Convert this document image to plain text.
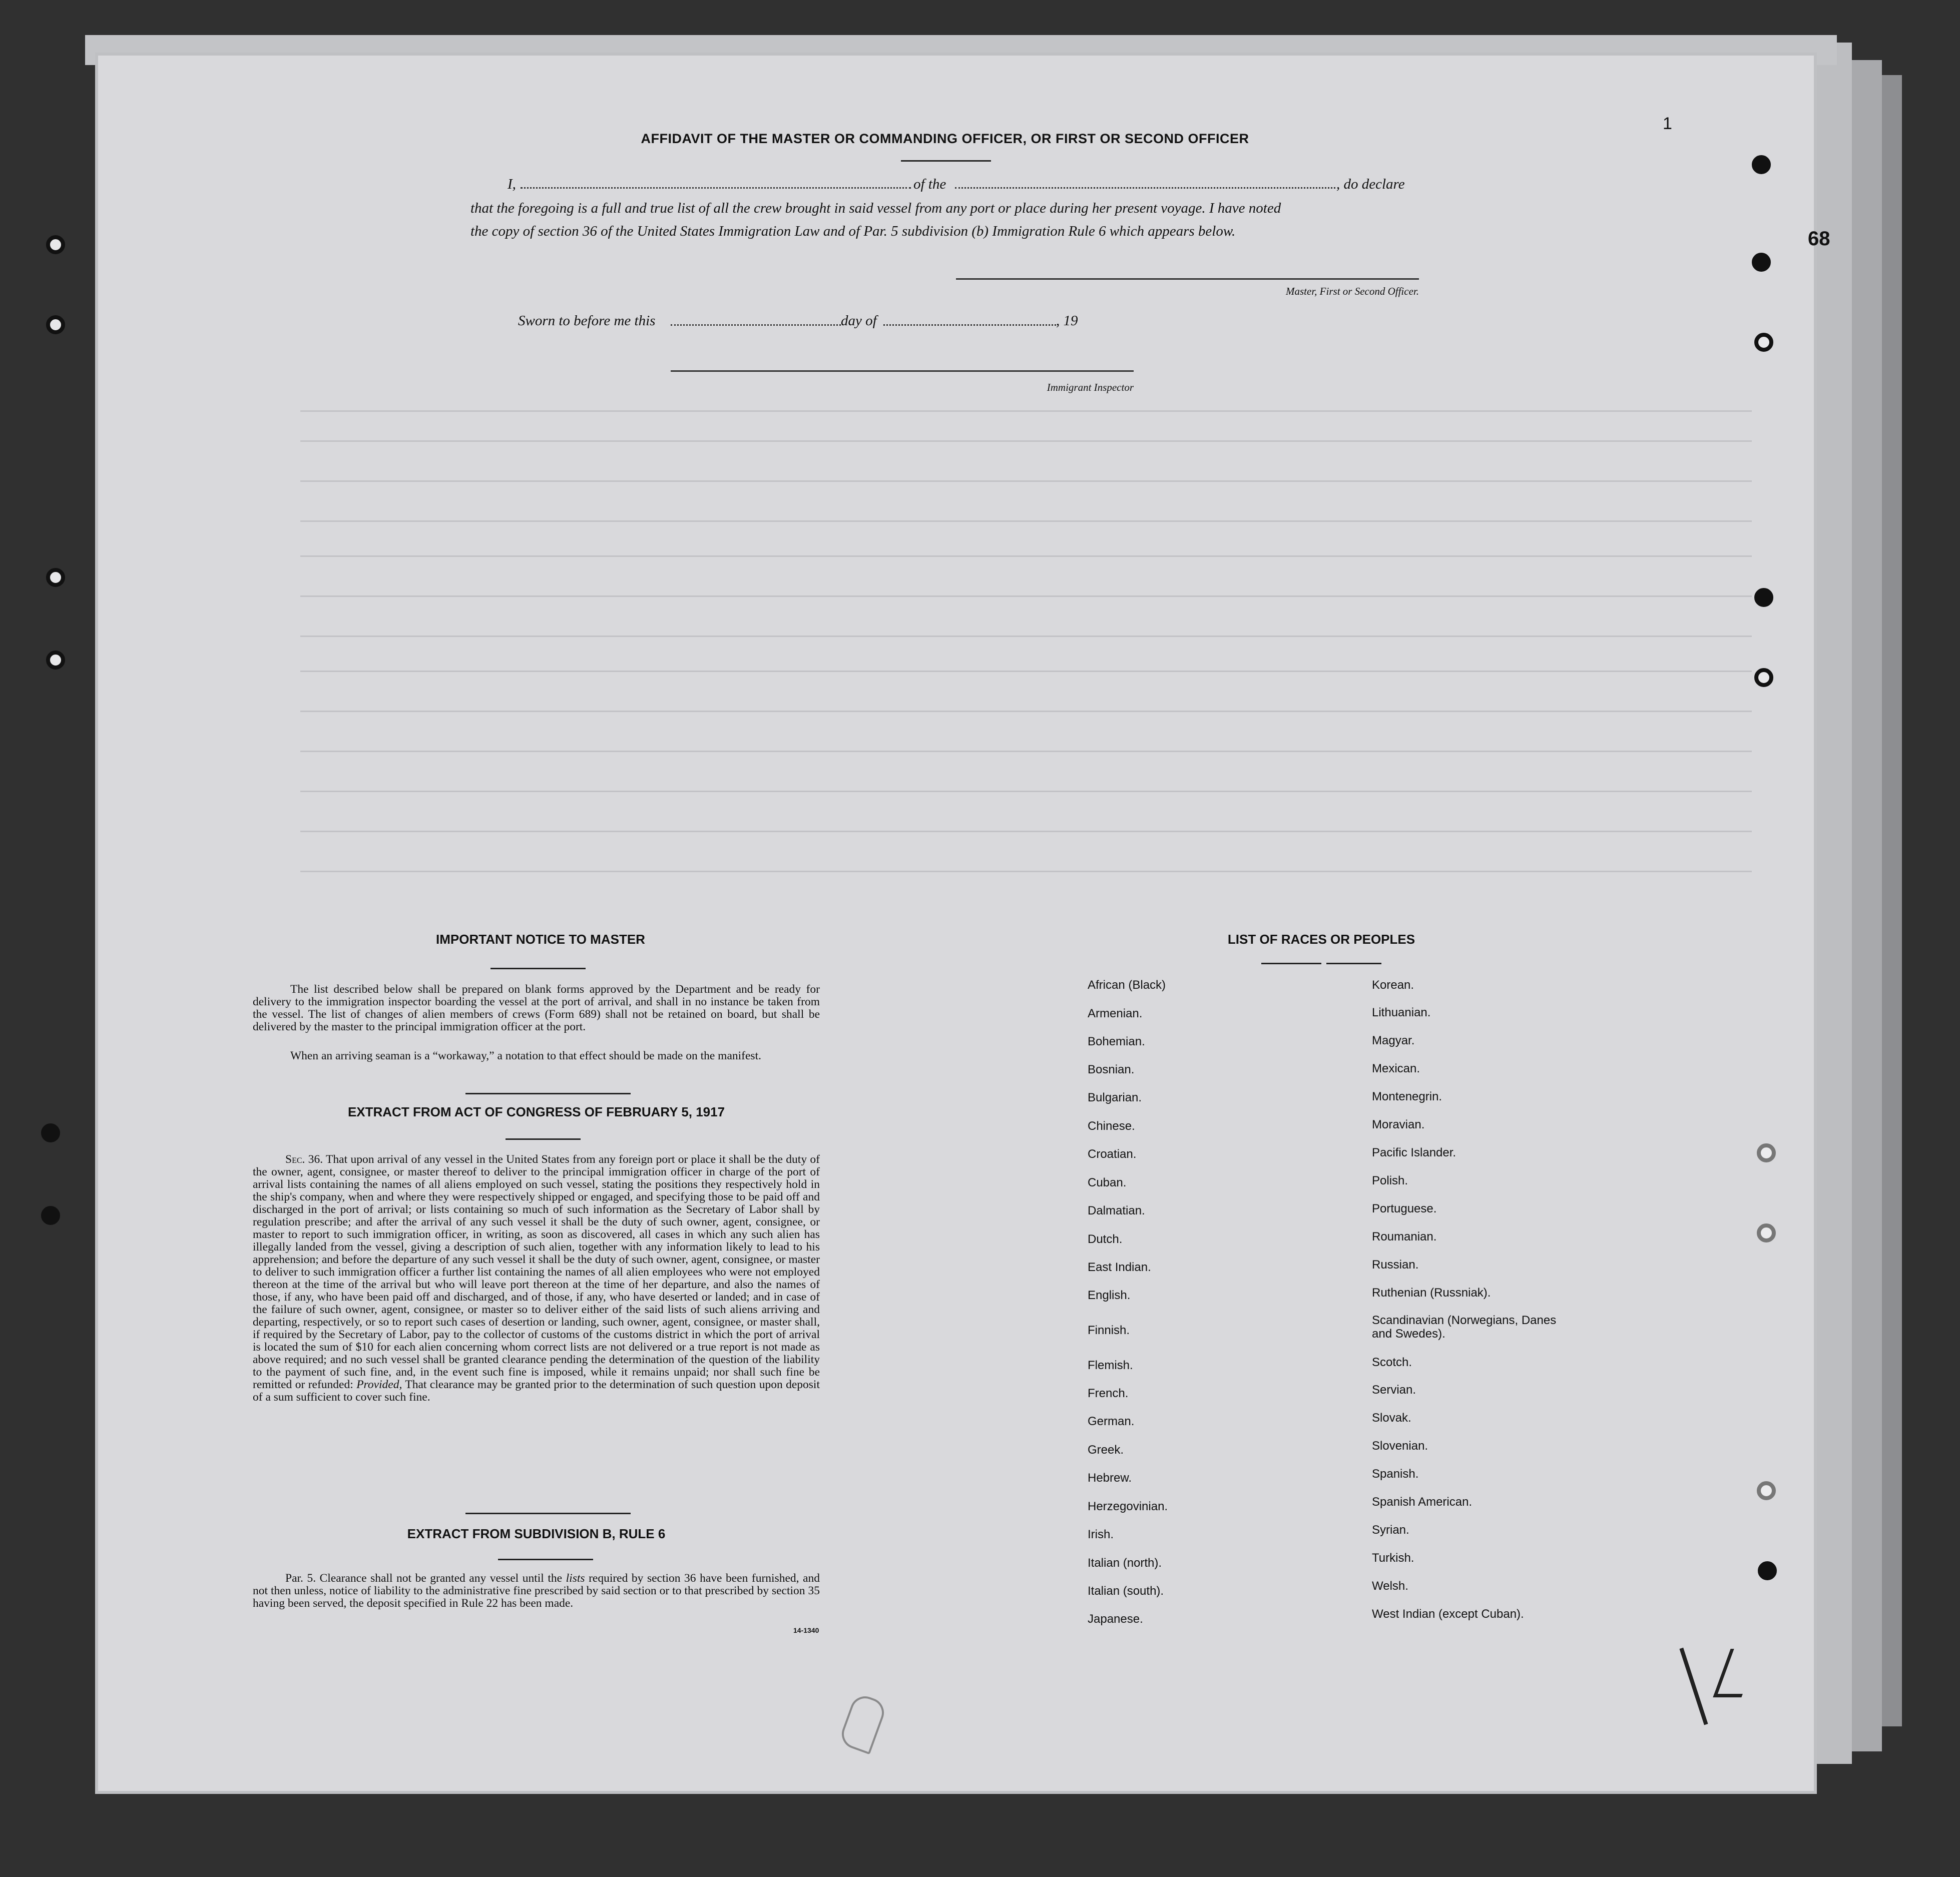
1
68
AFFIDAVIT OF THE MASTER OR COMMANDING OFFICER, OR FIRST OR SECOND OFFICER
I,	of the	, do declare
that the foregoing is a full and true list of all the crew brought in said vessel from any port or place during her present voyage. I have noted
the copy of section 36 of the United States Immigration Law and of Par. 5 subdivision (b) Immigration Rule 6 which appears below.
Master, First or Second Officer.
Sworn to before me this	day of	, 19
Immigrant Inspector
IMPORTANT NOTICE TO MASTER
The list described below shall be prepared on blank forms approved by the Department and be ready for delivery to the immigration inspector boarding the vessel at the port of arrival, and shall in no instance be taken from the vessel. The list of changes of alien members of crews (Form 689) shall not be retained on board, but shall be delivered by the master to the principal immigration officer at the port.
When an arriving seaman is a “workaway,” a notation to that effect should be made on the manifest.
EXTRACT FROM ACT OF CONGRESS OF FEBRUARY 5, 1917
Sec. 36. That upon arrival of any vessel in the United States from any foreign port or place it shall be the duty of the owner, agent, consignee, or master thereof to deliver to the principal immigration officer in charge of the port of arrival lists containing the names of all aliens employed on such vessel, stating the positions they respectively hold in the ship's company, when and where they were respectively shipped or engaged, and specifying those to be paid off and discharged in the port of arrival; or lists containing so much of such information as the Secretary of Labor shall by regulation prescribe; and after the arrival of any such vessel it shall be the duty of such owner, agent, consignee, or master to report to such immigration officer, in writing, as soon as discovered, all cases in which any such alien has illegally landed from the vessel, giving a description of such alien, together with any information likely to lead to his apprehension; and before the departure of any such vessel it shall be the duty of such owner, agent, consignee, or master to deliver to such immigration officer a further list containing the names of all alien employees who were not employed thereon at the time of the arrival but who will leave port thereon at the time of her departure, and also the names of those, if any, who have been paid off and discharged, and of those, if any, who have deserted or landed; and in case of the failure of such owner, agent, consignee, or master so to deliver either of the said lists of such aliens arriving and departing, respectively, or so to report such cases of desertion or landing, such owner, agent, consignee, or master shall, if required by the Secretary of Labor, pay to the collector of customs of the customs district in which the port of arrival is located the sum of $10 for each alien concerning whom correct lists are not delivered or a true report is not made as above required; and no such vessel shall be granted clearance pending the determination of the question of the liability to the payment of such fine, and, in the event such fine is imposed, while it remains unpaid; nor shall such fine be remitted or refunded: Provided, That clearance may be granted prior to the determination of such question upon deposit of a sum sufficient to cover such fine.
EXTRACT FROM SUBDIVISION B, RULE 6
Par. 5. Clearance shall not be granted any vessel until the lists required by section 36 have been furnished, and not then unless, notice of liability to the administrative fine prescribed by said section or to that prescribed by section 35 having been served, the deposit specified in Rule 22 has been made.
14-1340
LIST OF RACES OR PEOPLES
African (Black)
Armenian.
Bohemian.
Bosnian.
Bulgarian.
Chinese.
Croatian.
Cuban.
Dalmatian.
Dutch.
East Indian.
English.
Finnish.
Flemish.
French.
German.
Greek.
Hebrew.
Herzegovinian.
Irish.
Italian (north).
Italian (south).
Japanese.
Korean.
Lithuanian.
Magyar.
Mexican.
Montenegrin.
Moravian.
Pacific Islander.
Polish.
Portuguese.
Roumanian.
Russian.
Ruthenian (Russniak).
Scandinavian (Norwegians, Danes and Swedes).
Scotch.
Servian.
Slovak.
Slovenian.
Spanish.
Spanish American.
Syrian.
Turkish.
Welsh.
West Indian (except Cuban).
